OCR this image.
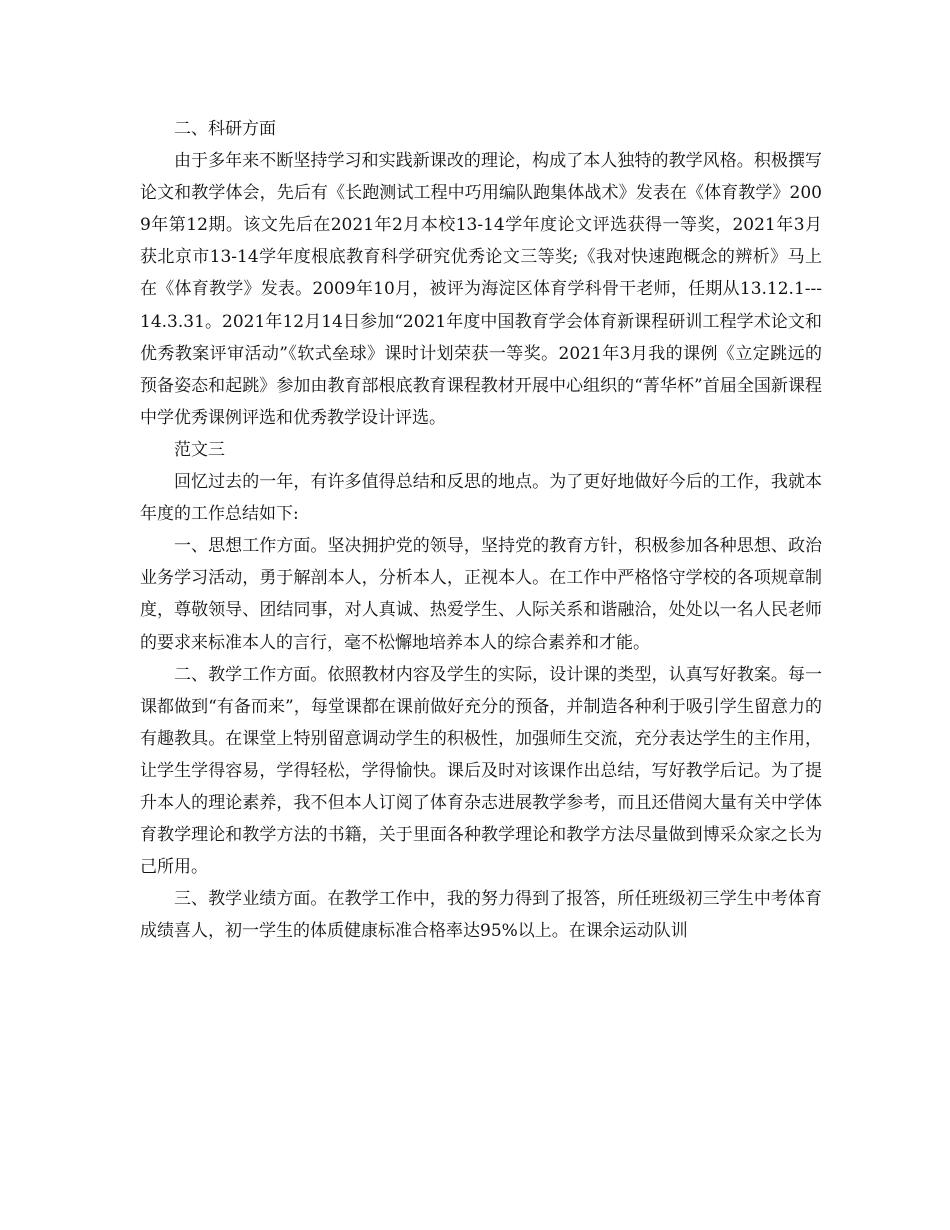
二、科研方面

由于多年来不断坚持学习和实践新课改的理论，构成了本人独特的教学风格。积极撰写论文和教学体会，先后有《长跑测试工程中巧用编队跑集体战术》发表在《体育教学》2009年第12期。该文先后在2021年2月本校13-14学年度论文评选获得一等奖，2021年3月获北京市13-14学年度根底教育科学研究优秀论文三等奖;《我对快速跑概念的辨析》马上在《体育教学》发表。2009年10月，被评为海淀区体育学科骨干老师，任期从13.12.1---14.3.31。2021年12月14日参加“2021年度中国教育学会体育新课程研训工程学术论文和优秀教案评审活动”《软式垒球》课时计划荣获一等奖。2021年3月我的课例《立定跳远的预备姿态和起跳》参加由教育部根底教育课程教材开展中心组织的“菁华杯”首届全国新课程中学优秀课例评选和优秀教学设计评选。

范文三

回忆过去的一年，有许多值得总结和反思的地点。为了更好地做好今后的工作，我就本年度的工作总结如下:

一、思想工作方面。坚决拥护党的领导，坚持党的教育方针，积极参加各种思想、政治业务学习活动，勇于解剖本人，分析本人，正视本人。在工作中严格恪守学校的各项规章制度，尊敬领导、团结同事，对人真诚、热爱学生、人际关系和谐融洽，处处以一名人民老师的要求来标准本人的言行，毫不松懈地培养本人的综合素养和才能。

二、教学工作方面。依照教材内容及学生的实际，设计课的类型，认真写好教案。每一课都做到“有备而来”，每堂课都在课前做好充分的预备，并制造各种利于吸引学生留意力的有趣教具。在课堂上特别留意调动学生的积极性，加强师生交流，充分表达学生的主作用，让学生学得容易，学得轻松，学得愉快。课后及时对该课作出总结，写好教学后记。为了提升本人的理论素养，我不但本人订阅了体育杂志进展教学参考，而且还借阅大量有关中学体育教学理论和教学方法的书籍，关于里面各种教学理论和教学方法尽量做到博采众家之长为己所用。

三、教学业绩方面。在教学工作中，我的努力得到了报答，所任班级初三学生中考体育成绩喜人，初一学生的体质健康标准合格率达95%以上。在课余运动队训
